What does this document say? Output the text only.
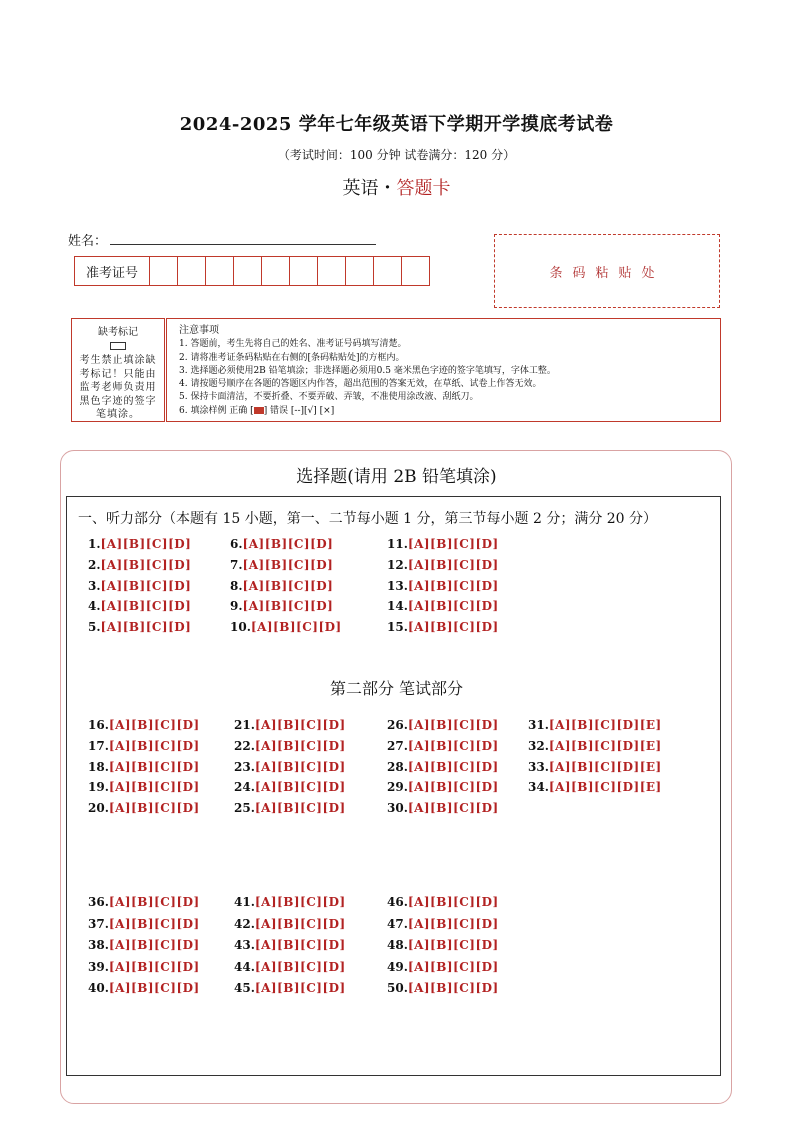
2024-2025 学年七年级英语下学期开学摸底考试卷
（考试时间：100 分钟 试卷满分：120 分）
英语・答题卡
姓名：
准考证号	条码粘贴处
缺考标记
考生禁止填涂缺考标记！只能由监考老师负责用黑色字迹的签字笔填涂。
注意事项
1. 答题前，考生先将自己的姓名、准考证号码填写清楚。
2. 请将准考证条码粘贴在右侧的[条码粘贴处]的方框内。
3. 选择题必须使用2B 铅笔填涂；非选择题必须用0.5 毫米黑色字迹的签字笔填写，字体工整。
4. 请按题号顺序在各题的答题区内作答，超出范围的答案无效，在草纸、试卷上作答无效。
5. 保持卡面清洁，不要折叠、不要弄破、弄皱，不准使用涂改液、刮纸刀。
6. 填涂样例 正确 [ ] 错误 [--][√] [×]
选择题(请用 2B 铅笔填涂)
一、听力部分（本题有 15 小题，第一、二节每小题 1 分，第三节每小题 2 分；满分 20 分）
第二部分 笔试部分
1.[A][B][C][D]	6.[A][B][C][D]	11.[A][B][C][D]
2.[A][B][C][D]	7.[A][B][C][D]	12.[A][B][C][D]
3.[A][B][C][D]	8.[A][B][C][D]	13.[A][B][C][D]
4.[A][B][C][D]	9.[A][B][C][D]	14.[A][B][C][D]
5.[A][B][C][D]	10.[A][B][C][D]	15.[A][B][C][D]
16.[A][B][C][D]	21.[A][B][C][D]	26.[A][B][C][D] 31.[A][B][C][D][E]
17.[A][B][C][D]	22.[A][B][C][D]	27.[A][B][C][D] 32.[A][B][C][D][E]
18.[A][B][C][D]	23.[A][B][C][D]	28.[A][B][C][D] 33.[A][B][C][D][E]
19.[A][B][C][D]	24.[A][B][C][D]	29.[A][B][C][D] 34.[A][B][C][D][E]
20.[A][B][C][D]	25.[A][B][C][D]	30.[A][B][C][D]
36.[A][B][C][D]	41.[A][B][C][D]	46.[A][B][C][D]
37.[A][B][C][D]	42.[A][B][C][D]	47.[A][B][C][D]
38.[A][B][C][D]	43.[A][B][C][D]	48.[A][B][C][D]
39.[A][B][C][D]	44.[A][B][C][D]	49.[A][B][C][D]
40.[A][B][C][D]	45.[A][B][C][D]	50.[A][B][C][D]
